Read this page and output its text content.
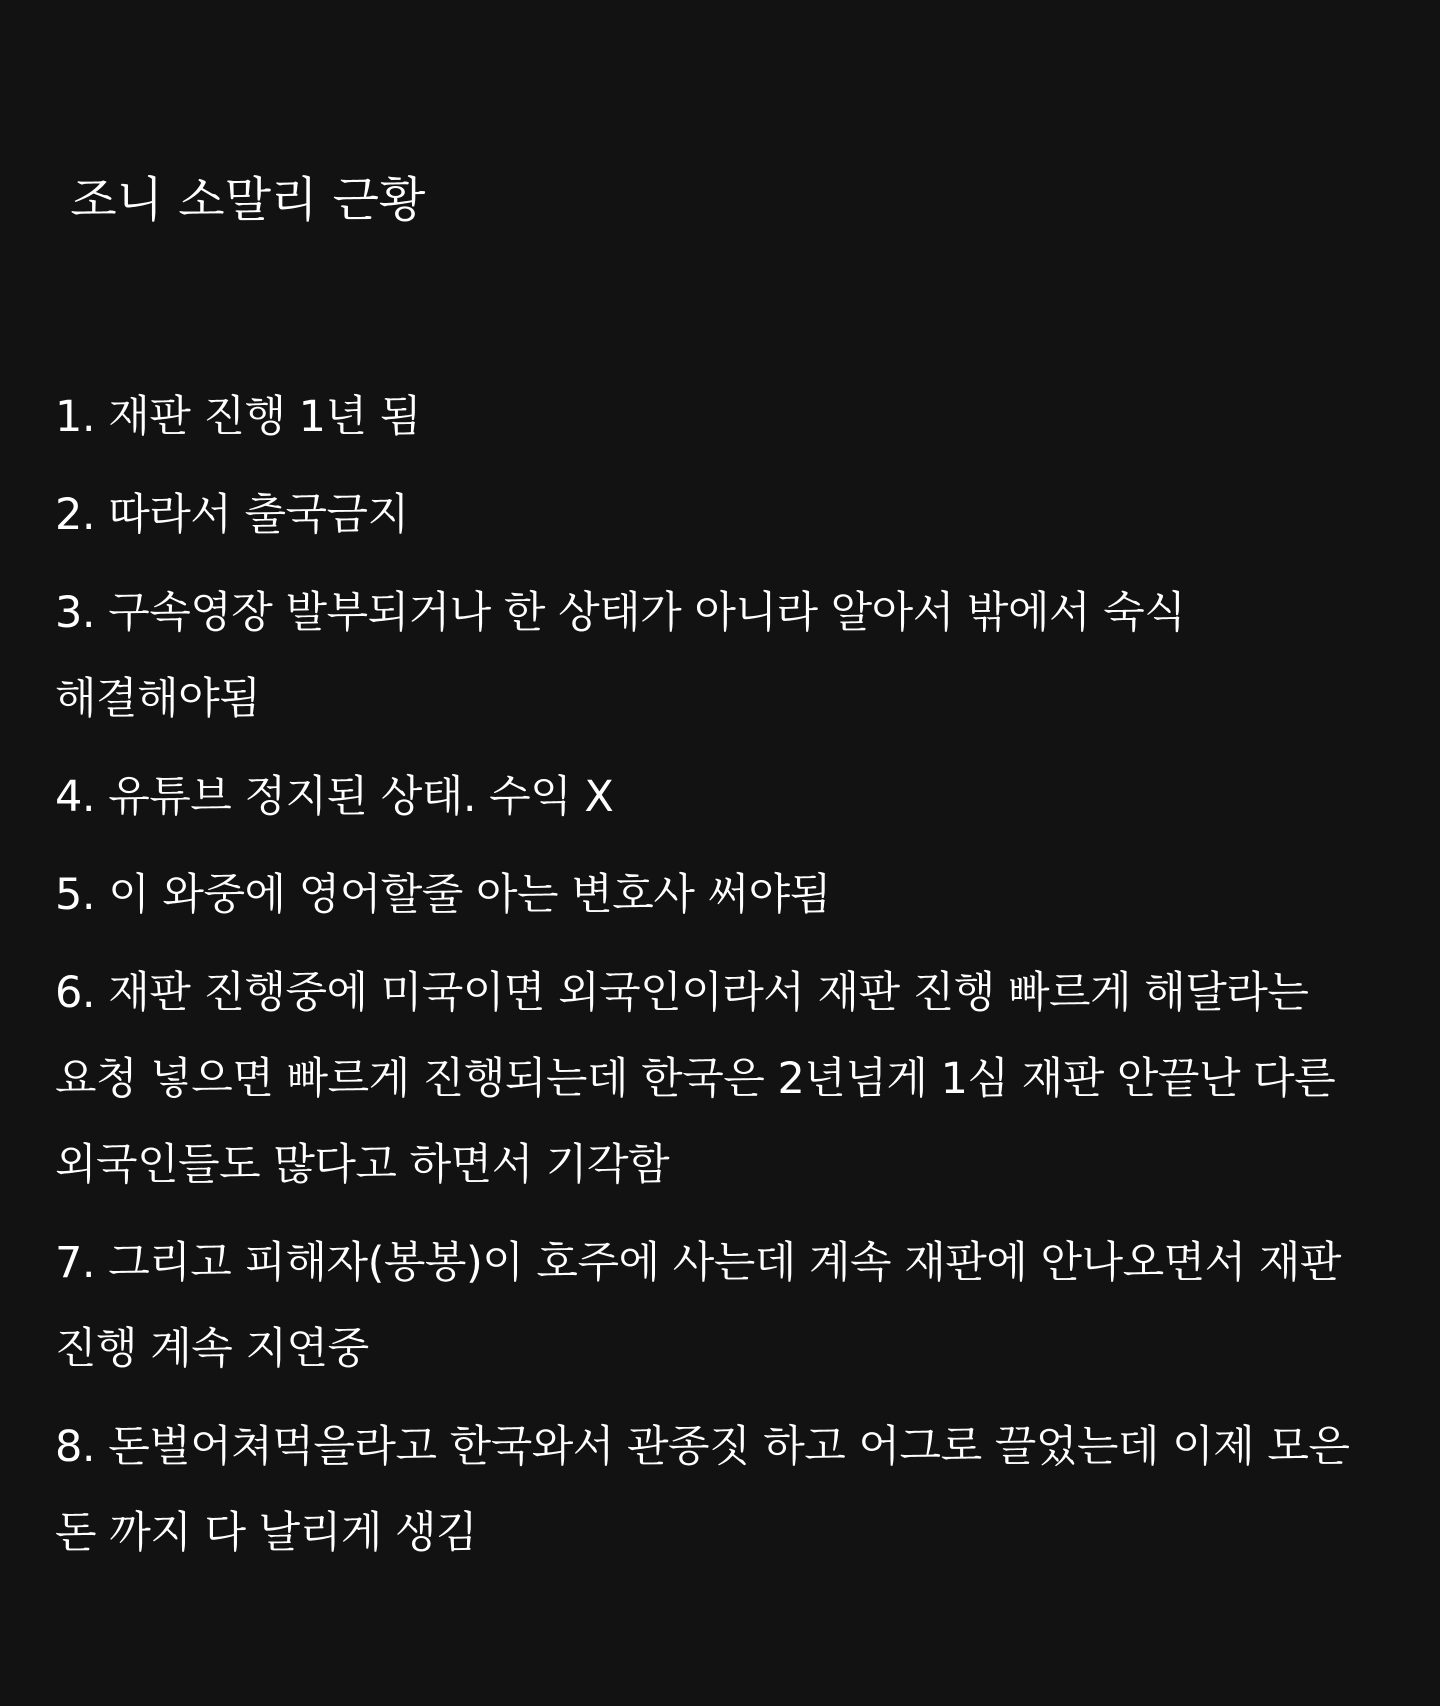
조니 소말리 근황
1. 재판 진행 1년 됨
2. 따라서 출국금지
3. 구속영장 발부되거나 한 상태가 아니라 알아서 밖에서 숙식 해결해야됨
4. 유튜브 정지된 상태. 수익 X
5. 이 와중에 영어할줄 아는 변호사 써야됨
6. 재판 진행중에 미국이면 외국인이라서 재판 진행 빠르게 해달라는 요청 넣으면 빠르게 진행되는데 한국은 2년넘게 1심 재판 안끝난 다른 외국인들도 많다고 하면서 기각함
7. 그리고 피해자(봉봉)이 호주에 사는데 계속 재판에 안나오면서 재판 진행 계속 지연중
8. 돈벌어쳐먹을라고 한국와서 관종짓 하고 어그로 끌었는데 이제 모은 돈 까지 다 날리게 생김
